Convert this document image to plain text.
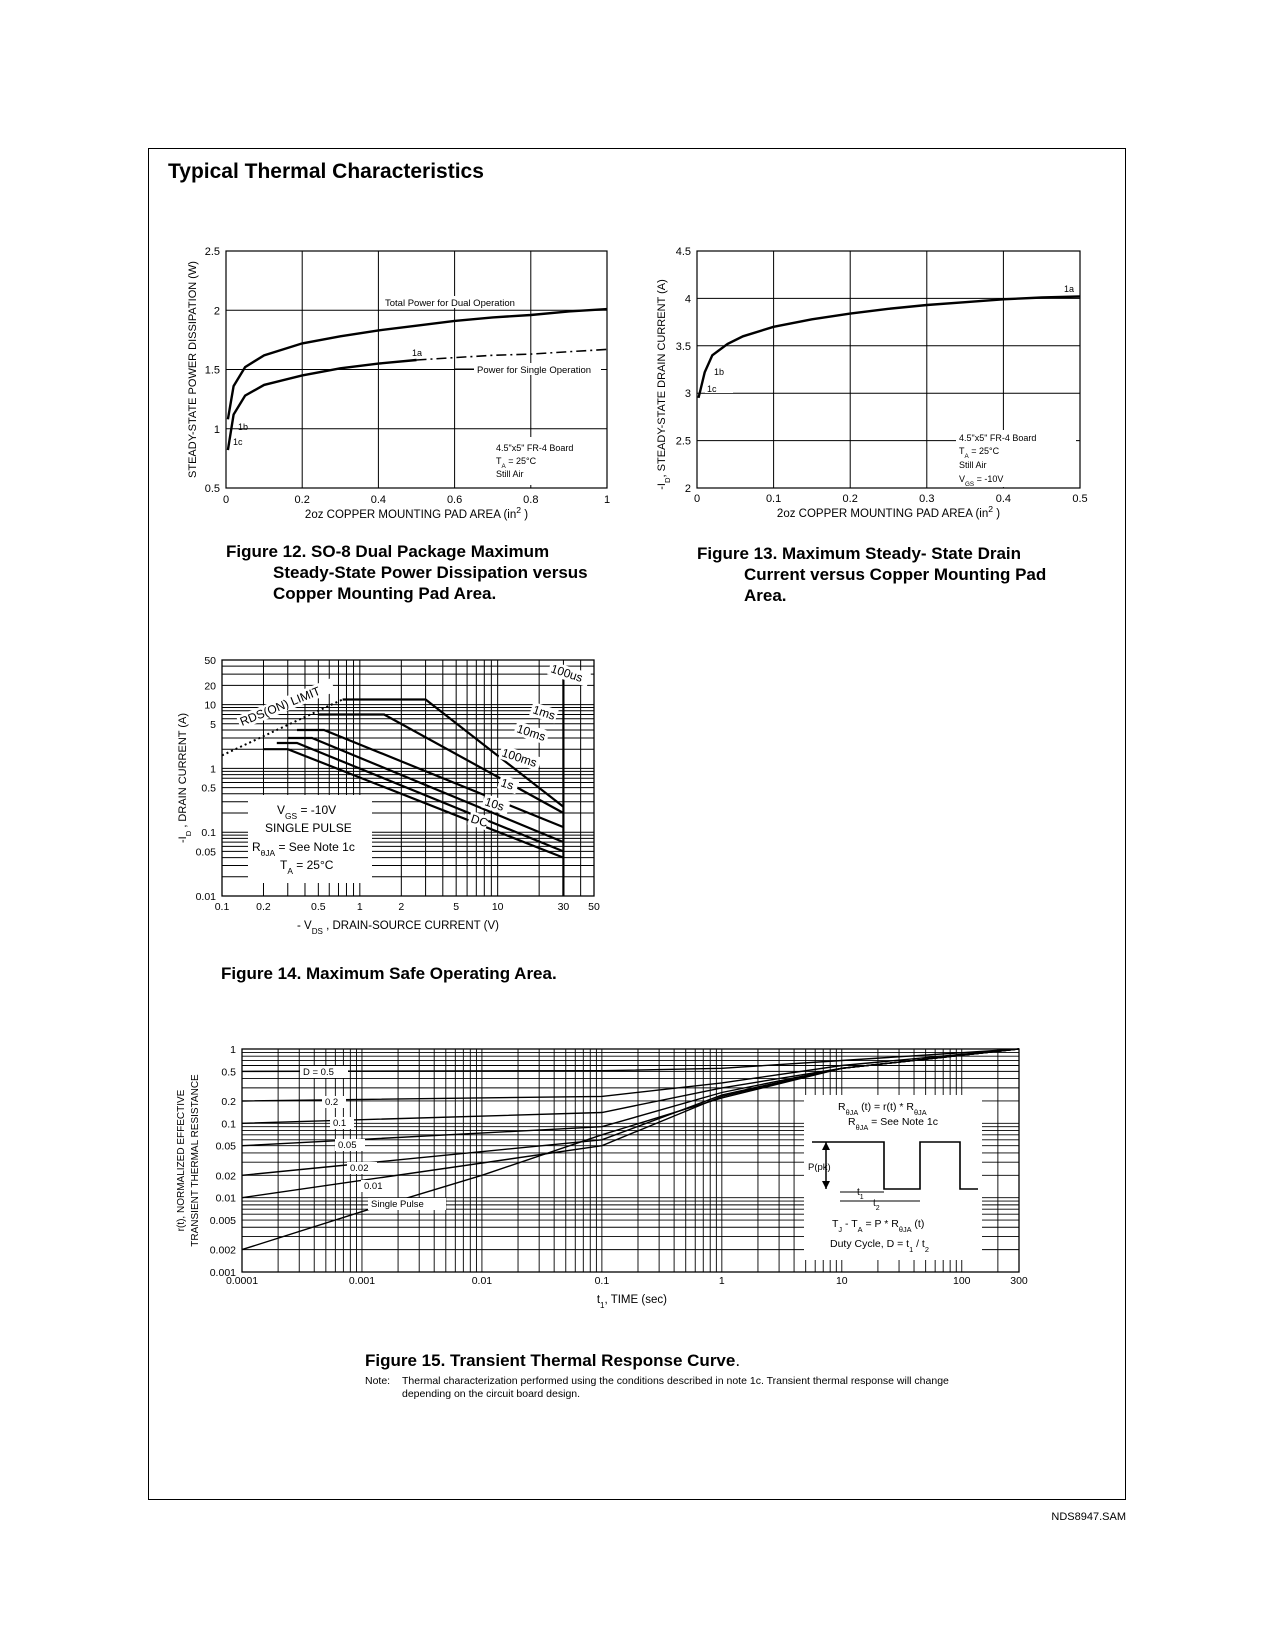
Typical Thermal Characteristics
0	0.2	0.4	0.6	0.8	1
0.5
1
1.5
2
2.5
2oz COPPER MOUNTING PAD AREA ($in^2$ )
STEADY-STATE POWER DISSIPATION (W)	Total Power for Dual Operation
1a
Power for Single Operation
1b
1c
4.5"x5" FR-4 Board
$T_A = 25^\circ C$
Still Air
Figure 12. SO-8 Dual Package Maximum
Steady-State Power Dissipation versus
Copper Mounting Pad Area.
0	0.1	0.2	0.3	0.4	0.5
2
2.5
3
3.5
4
4.5
2oz COPPER MOUNTING PAD AREA ($in^2$ )
$-I_D$, STEADY-STATE DRAIN CURRENT (A)	1a
1b
1c
4.5"x5" FR-4 Board
$T_A = 25^\circ C$
Still Air
$V_{GS} = -10V$
Figure 13. Maximum Steady- State Drain
Current versus Copper Mounting Pad
Area.
0.1	0.2	0.5	1	2	5	10	30 50
0.01
0.05
0.1
0.5
1
5
10
20
50
- $V_{DS}$ , DRAIN-SOURCE CURRENT (V)
$-I_D$ , DRAIN CURRENT (A)	$V_{GS} = -10V$
SINGLE PULSE
$R_{\theta JA}$ = See Note 1c
$T_A = 25^\circ C$
RDS(ON) LIMIT
100us
1ms
10ms
100ms
1s
10s
DC
Figure 14. Maximum Safe Operating Area.
0.0001	0.001	0.01	0.1	1	10	100	300
0.001
0.002
0.005
0.01
0.02
0.05
0.1
0.2
0.5
1
$t_1$, TIME (sec)
r(t), NORMALIZED EFFECTIVE TRANSIENT THERMAL RESISTANCE
D = 0.5
0.2
0.1
0.05
0.02
0.01
Single Pulse
$R_{\theta JA}$ $(t) = r(t) * R_{\theta JA}$
$R_{\theta JA}$ = See Note 1c
P(pk)
$t_1$
$t_2$
$T_J - T_A = P * R_{\theta JA}$ (t)
Duty Cycle, $D = t_1 / t_2$
Figure 15. Transient Thermal Response Curve.
Note: Thermal characterization performed using the conditions described in note 1c. Transient thermal response will change depending on the circuit board design.
NDS8947.SAM
